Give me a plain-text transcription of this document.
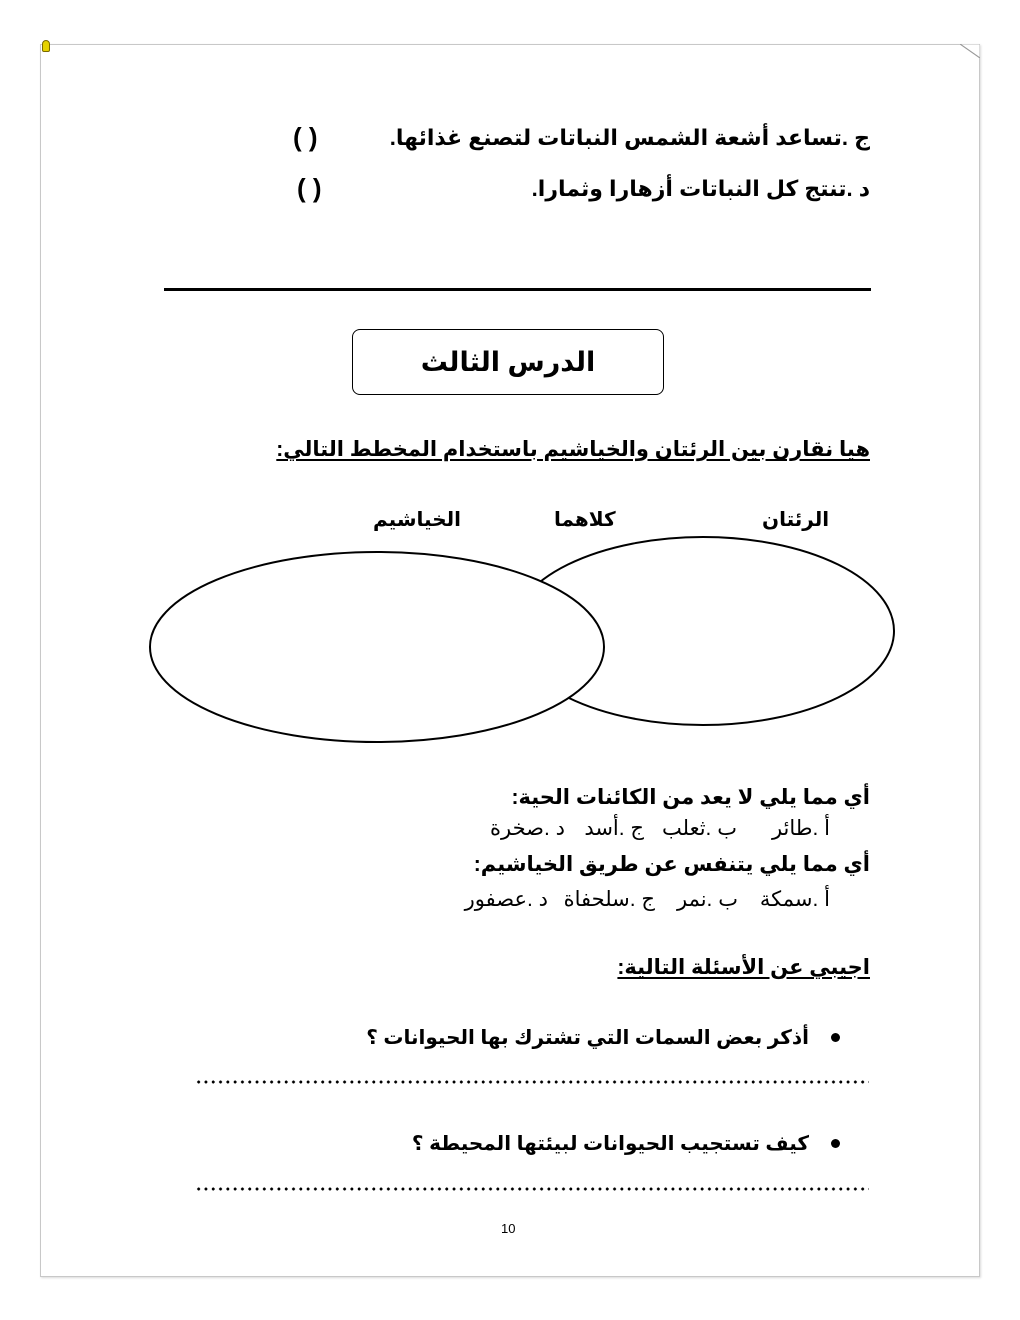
ج .تساعد أشعة الشمس النباتات لتصنع غذائها.
( )
د .تنتج كل النباتات أزهارا وثمارا.
( )
الدرس الثالث
هيا نقارن بين الرئتان والخياشيم باستخدام المخطط التالي:
الرئتان
كلاهما
الخياشيم
أي مما يلي لا يعد من الكائنات الحية:
أ .طائر
ب .ثعلب
ج .أسد
د .صخرة
أي مما يلي يتنفس عن طريق الخياشيم:
أ .سمكة
ب .نمر
ج .سلحفاة
د .عصفور
اجيبي عن الأسئلة التالية:
أذكر بعض السمات التي تشترك بها الحيوانات ؟
كيف تستجيب الحيوانات لبيئتها المحيطة ؟
10
